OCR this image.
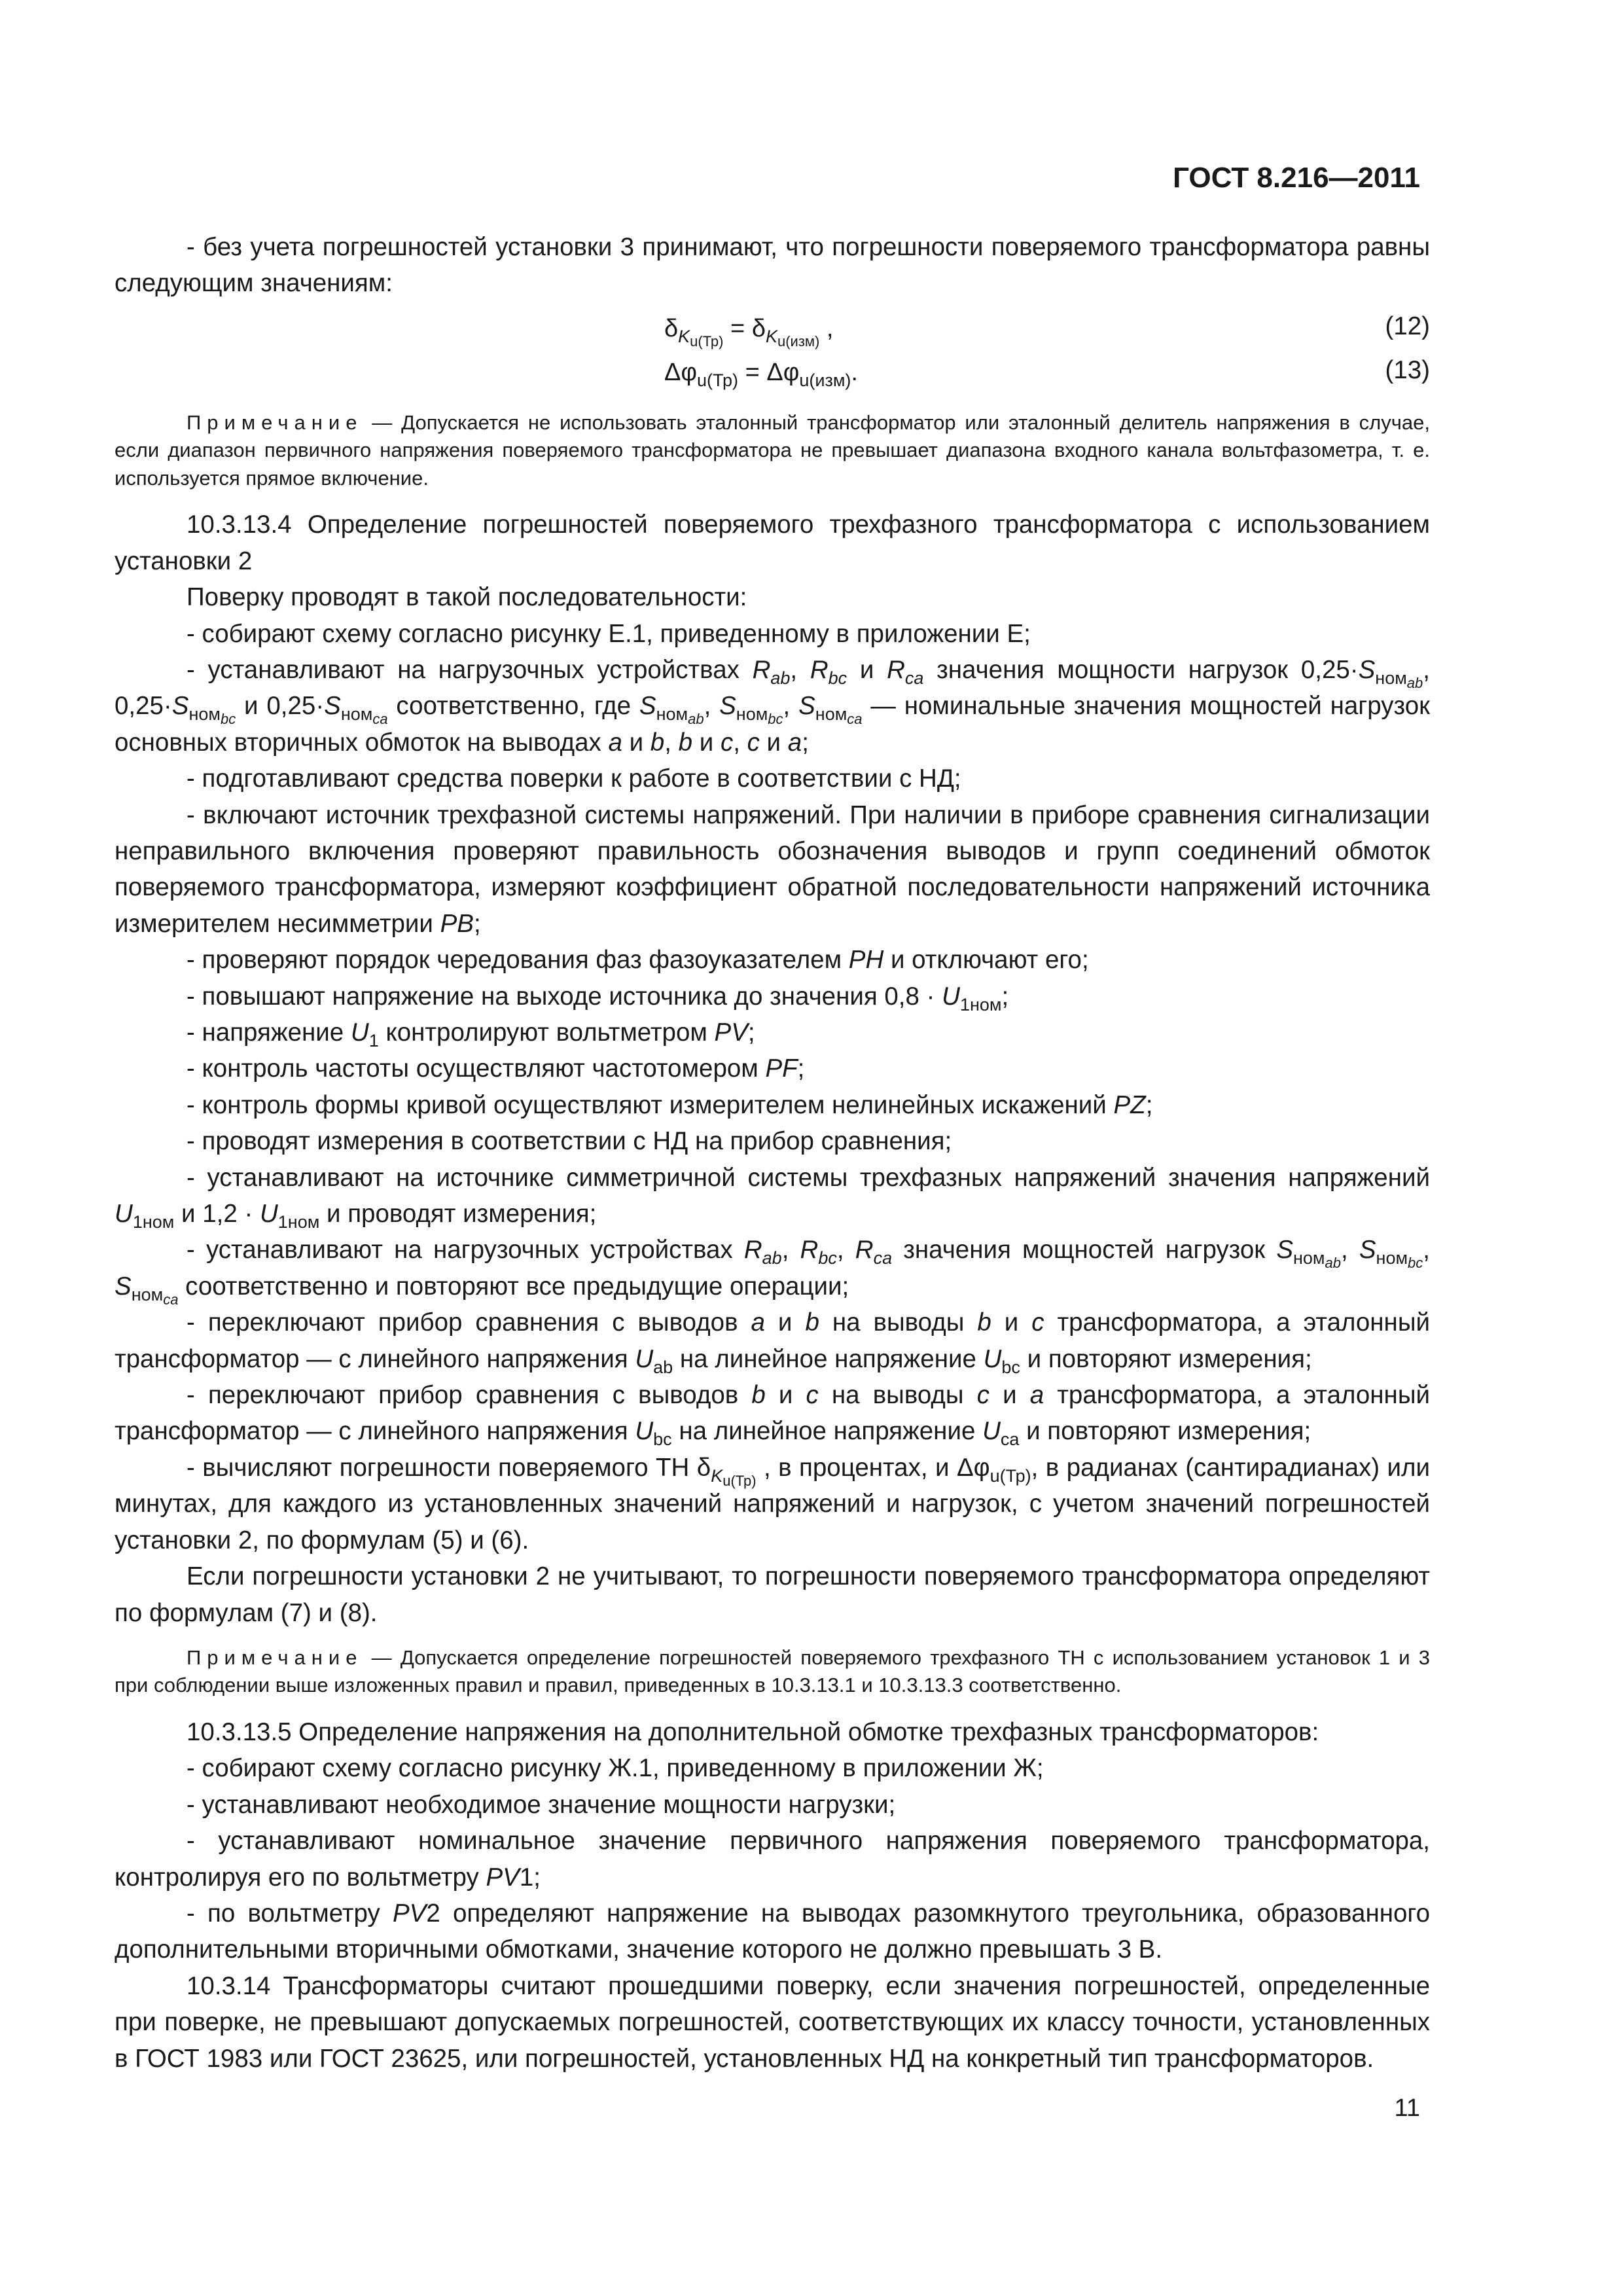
ГОСТ 8.216—2011

- без учета погрешностей установки 3 принимают, что погрешности поверяемого трансформатора равны следующим значениям:

$\delta_{K_{u(Тр)}} = \delta_{K_{u(изм)}}$ ,	(12)
$\Delta\varphi_{u(Тр)} = \Delta\varphi_{u(изм)}$.	(13)
Примечание — Допускается не использовать эталонный трансформатор или эталонный делитель напряжения в случае, если диапазон первичного напряжения поверяемого трансформатора не превышает диапазона входного канала вольтфазометра, т. е. используется прямое включение.

10.3.13.4 Определение погрешностей поверяемого трехфазного трансформатора с использованием установки 2

Поверку проводят в такой последовательности:

- собирают схему согласно рисунку Е.1, приведенному в приложении Е;

- устанавливают на нагрузочных устройствах $R_{ab}$, $R_{bc}$ и $R_{ca}$ значения мощности нагрузок $0,25\cdot S_{ном_{ab}}$, $0,25\cdot S_{ном_{bc}}$ и $0,25\cdot S_{ном_{ca}}$ соответственно, где $S_{ном_{ab}}$, $S_{ном_{bc}}$, $S_{ном_{ca}}$ — номинальные значения мощностей нагрузок основных вторичных обмоток на выводах a и b, b и c, c и a;

- подготавливают средства поверки к работе в соответствии с НД;

- включают источник трехфазной системы напряжений. При наличии в приборе сравнения сигнализации неправильного включения проверяют правильность обозначения выводов и групп соединений обмоток поверяемого трансформатора, измеряют коэффициент обратной последовательности напряжений источника измерителем несимметрии PB;

- проверяют порядок чередования фаз фазоуказателем PH и отключают его;

- повышают напряжение на выходе источника до значения $0,8 \cdot U_{1ном}$;

- напряжение $U_1$ контролируют вольтметром PV;

- контроль частоты осуществляют частотомером PF;

- контроль формы кривой осуществляют измерителем нелинейных искажений PZ;

- проводят измерения в соответствии с НД на прибор сравнения;

- устанавливают на источнике симметричной системы трехфазных напряжений значения напряжений $U_{1ном}$ и $1,2 \cdot U_{1ном}$ и проводят измерения;

- устанавливают на нагрузочных устройствах $R_{ab}$, $R_{bc}$, $R_{ca}$ значения мощностей нагрузок $S_{ном_{ab}}$, $S_{ном_{bc}}$, $S_{ном_{ca}}$ соответственно и повторяют все предыдущие операции;

- переключают прибор сравнения с выводов a и b на выводы b и c трансформатора, а эталонный трансформатор — с линейного напряжения $U_{ab}$ на линейное напряжение $U_{bc}$ и повторяют измерения;

- переключают прибор сравнения с выводов b и c на выводы c и a трансформатора, а эталонный трансформатор — с линейного напряжения $U_{bc}$ на линейное напряжение $U_{ca}$ и повторяют измерения;

- вычисляют погрешности поверяемого ТН $\delta_{K_{u(Тр)}}$ , в процентах, и $\Delta\varphi_{u(Тр)}$, в радианах (сантирадианах) или минутах, для каждого из установленных значений напряжений и нагрузок, с учетом значений погрешностей установки 2, по формулам (5) и (6).

Если погрешности установки 2 не учитывают, то погрешности поверяемого трансформатора определяют по формулам (7) и (8).

Примечание — Допускается определение погрешностей поверяемого трехфазного ТН с использованием установок 1 и 3 при соблюдении выше изложенных правил и правил, приведенных в 10.3.13.1 и 10.3.13.3 соответственно.

10.3.13.5 Определение напряжения на дополнительной обмотке трехфазных трансформаторов:

- собирают схему согласно рисунку Ж.1, приведенному в приложении Ж;

- устанавливают необходимое значение мощности нагрузки;

- устанавливают номинальное значение первичного напряжения поверяемого трансформатора, контролируя его по вольтметру PV1;

- по вольтметру PV2 определяют напряжение на выводах разомкнутого треугольника, образованного дополнительными вторичными обмотками, значение которого не должно превышать 3 В.

10.3.14 Трансформаторы считают прошедшими поверку, если значения погрешностей, определенные при поверке, не превышают допускаемых погрешностей, соответствующих их классу точности, установленных в ГОСТ 1983 или ГОСТ 23625, или погрешностей, установленных НД на конкретный тип трансформаторов.

11
